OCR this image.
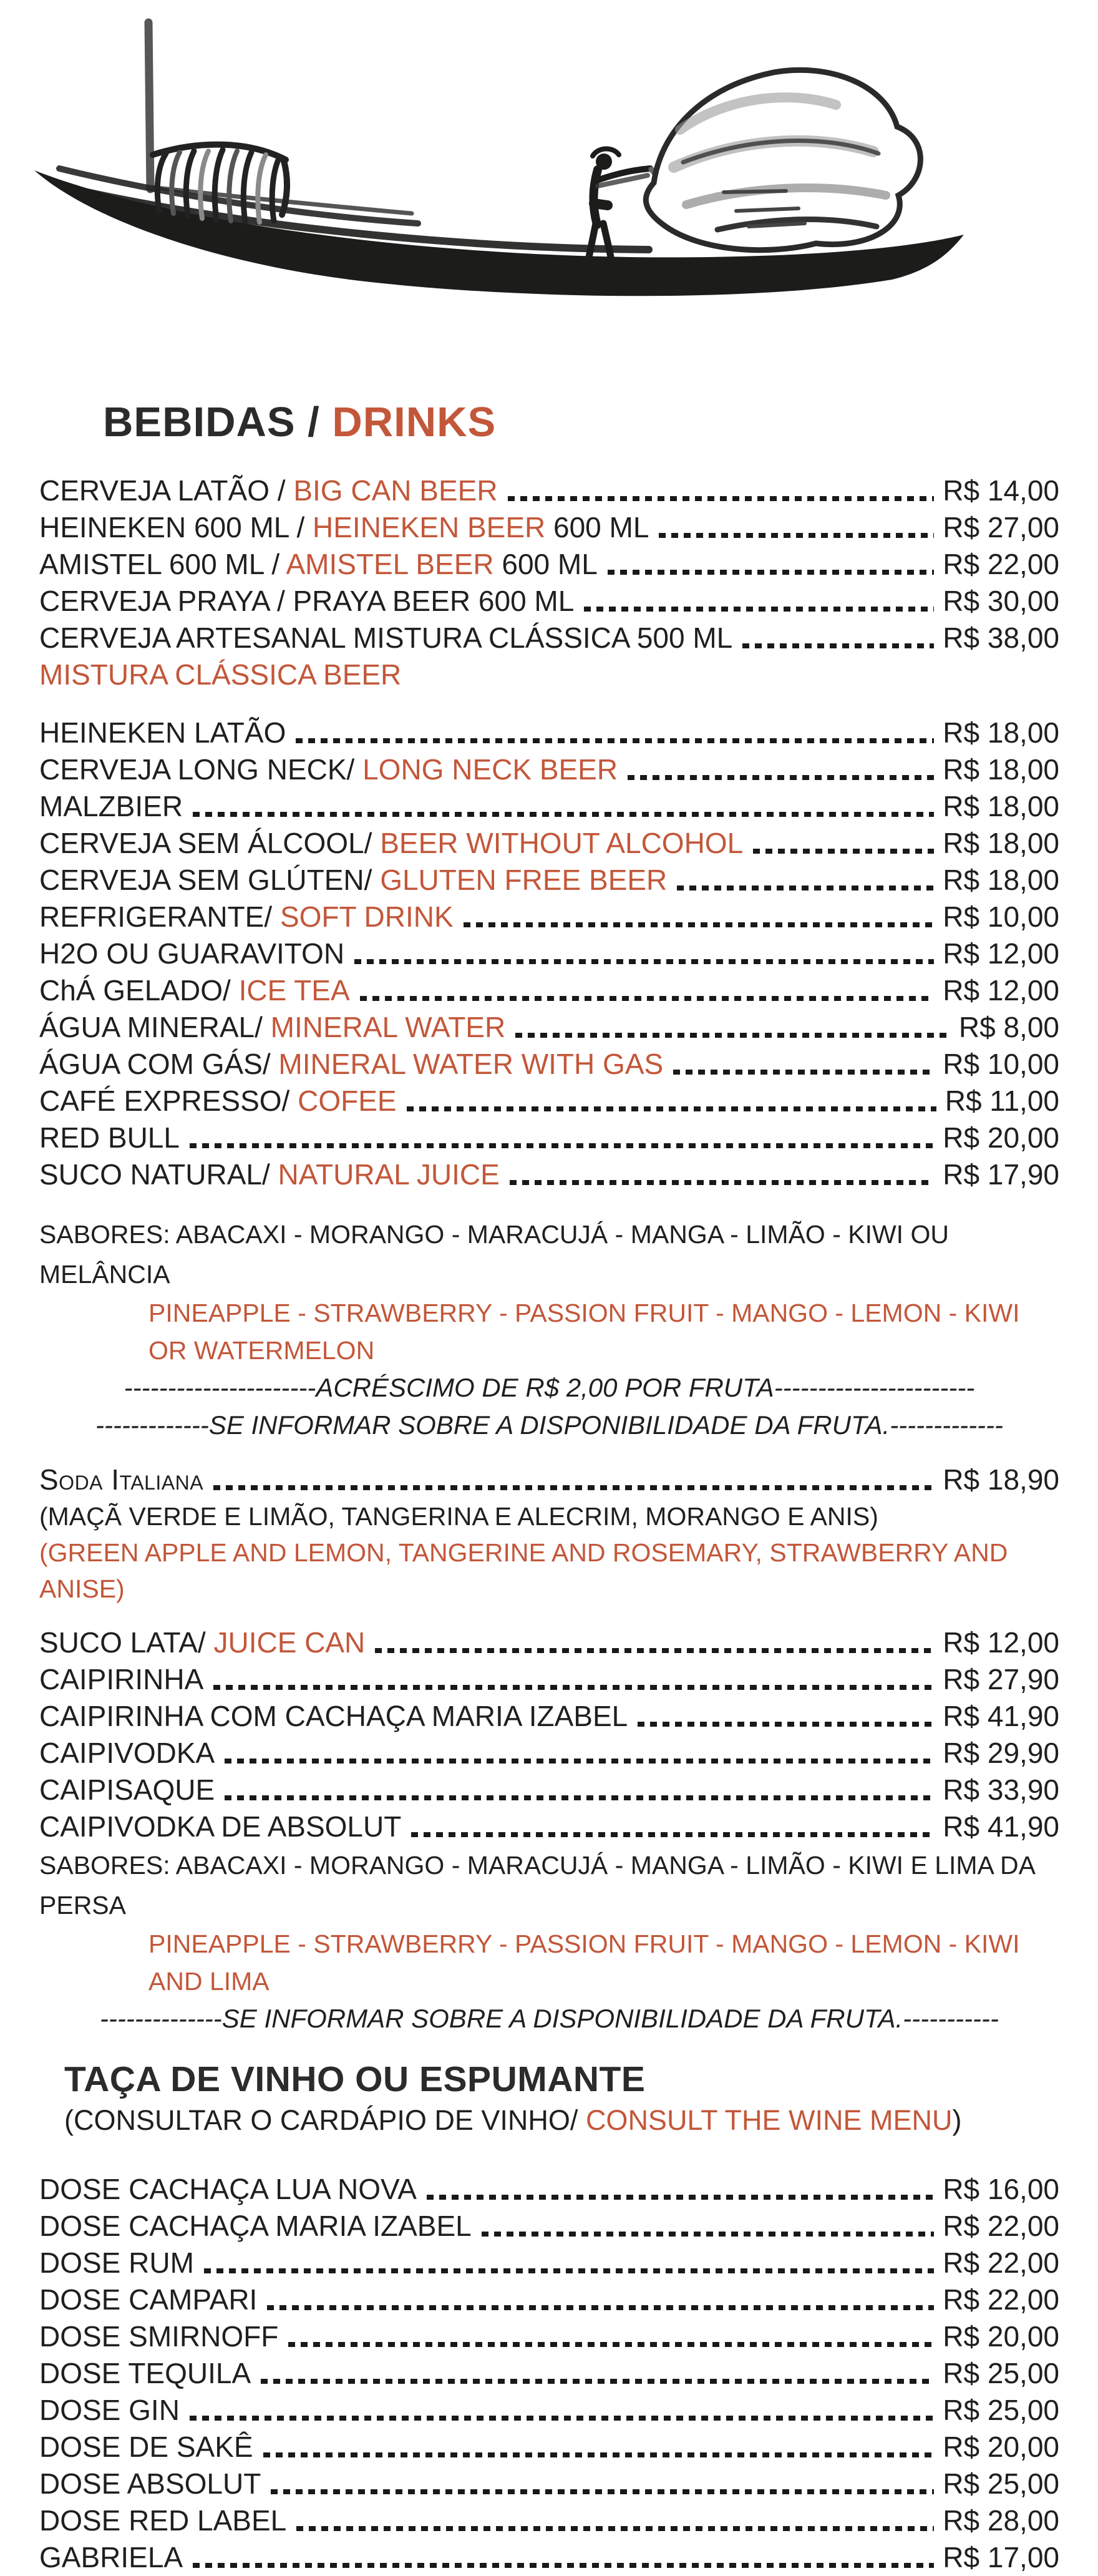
BEBIDAS / DRINKS
CERVEJA LATÃO / BIG CAN BEER	R$ 14,00
HEINEKEN 600 ML / HEINEKEN BEER 600 ML	R$ 27,00
AMISTEL 600 ML / AMISTEL BEER 600 ML	R$ 22,00
CERVEJA PRAYA / PRAYA BEER 600 ML	R$ 30,00
CERVEJA ARTESANAL MISTURA CLÁSSICA 500 ML	R$ 38,00
MISTURA CLÁSSICA BEER
HEINEKEN LATÃO	R$ 18,00
CERVEJA LONG NECK/ LONG NECK BEER	R$ 18,00
MALZBIER	R$ 18,00
CERVEJA SEM ÁLCOOL/ BEER WITHOUT ALCOHOL	R$ 18,00
CERVEJA SEM GLÚTEN/ GLUTEN FREE BEER	R$ 18,00
REFRIGERANTE/ SOFT DRINK	R$ 10,00
H2O OU GUARAVITON	R$ 12,00
ChÁ GELADO/ ICE TEA	R$ 12,00
ÁGUA MINERAL/ MINERAL WATER	R$ 8,00
ÁGUA COM GÁS/ MINERAL WATER WITH GAS	R$ 10,00
CAFÉ EXPRESSO/ COFEE	R$ 11,00
RED BULL	R$ 20,00
SUCO NATURAL/ NATURAL JUICE	R$ 17,90
SABORES: ABACAXI - MORANGO - MARACUJÁ - MANGA - LIMÃO - KIWI OU MELÂNCIA
PINEAPPLE - STRAWBERRY - PASSION FRUIT - MANGO - LEMON - KIWI OR WATERMELON
----------------------ACRÉSCIMO DE R$ 2,00 POR FRUTA-----------------------
-------------SE INFORMAR SOBRE A DISPONIBILIDADE DA FRUTA.-------------
Soda Italiana	R$ 18,90
(MAÇÃ VERDE E LIMÃO, TANGERINA E ALECRIM, MORANGO E ANIS)
(GREEN APPLE AND LEMON, TANGERINE AND ROSEMARY, STRAWBERRY AND ANISE)
SUCO LATA/ JUICE CAN	R$ 12,00
CAIPIRINHA	R$ 27,90
CAIPIRINHA COM CACHAÇA MARIA IZABEL	R$ 41,90
CAIPIVODKA	R$ 29,90
CAIPISAQUE	R$ 33,90
CAIPIVODKA DE ABSOLUT	R$ 41,90
SABORES: ABACAXI - MORANGO - MARACUJÁ - MANGA - LIMÃO - KIWI E LIMA DA PERSA
PINEAPPLE - STRAWBERRY - PASSION FRUIT - MANGO - LEMON - KIWI AND LIMA
--------------SE INFORMAR SOBRE A DISPONIBILIDADE DA FRUTA.-----------
TAÇA DE VINHO OU ESPUMANTE
(CONSULTAR O CARDÁPIO DE VINHO/ CONSULT THE WINE MENU)
DOSE CACHAÇA LUA NOVA	R$ 16,00
DOSE CACHAÇA MARIA IZABEL	R$ 22,00
DOSE RUM	R$ 22,00
DOSE CAMPARI	R$ 22,00
DOSE SMIRNOFF	R$ 20,00
DOSE TEQUILA	R$ 25,00
DOSE GIN	R$ 25,00
DOSE DE SAKÊ	R$ 20,00
DOSE ABSOLUT	R$ 25,00
DOSE RED LABEL	R$ 28,00
GABRIELA	R$ 17,00
